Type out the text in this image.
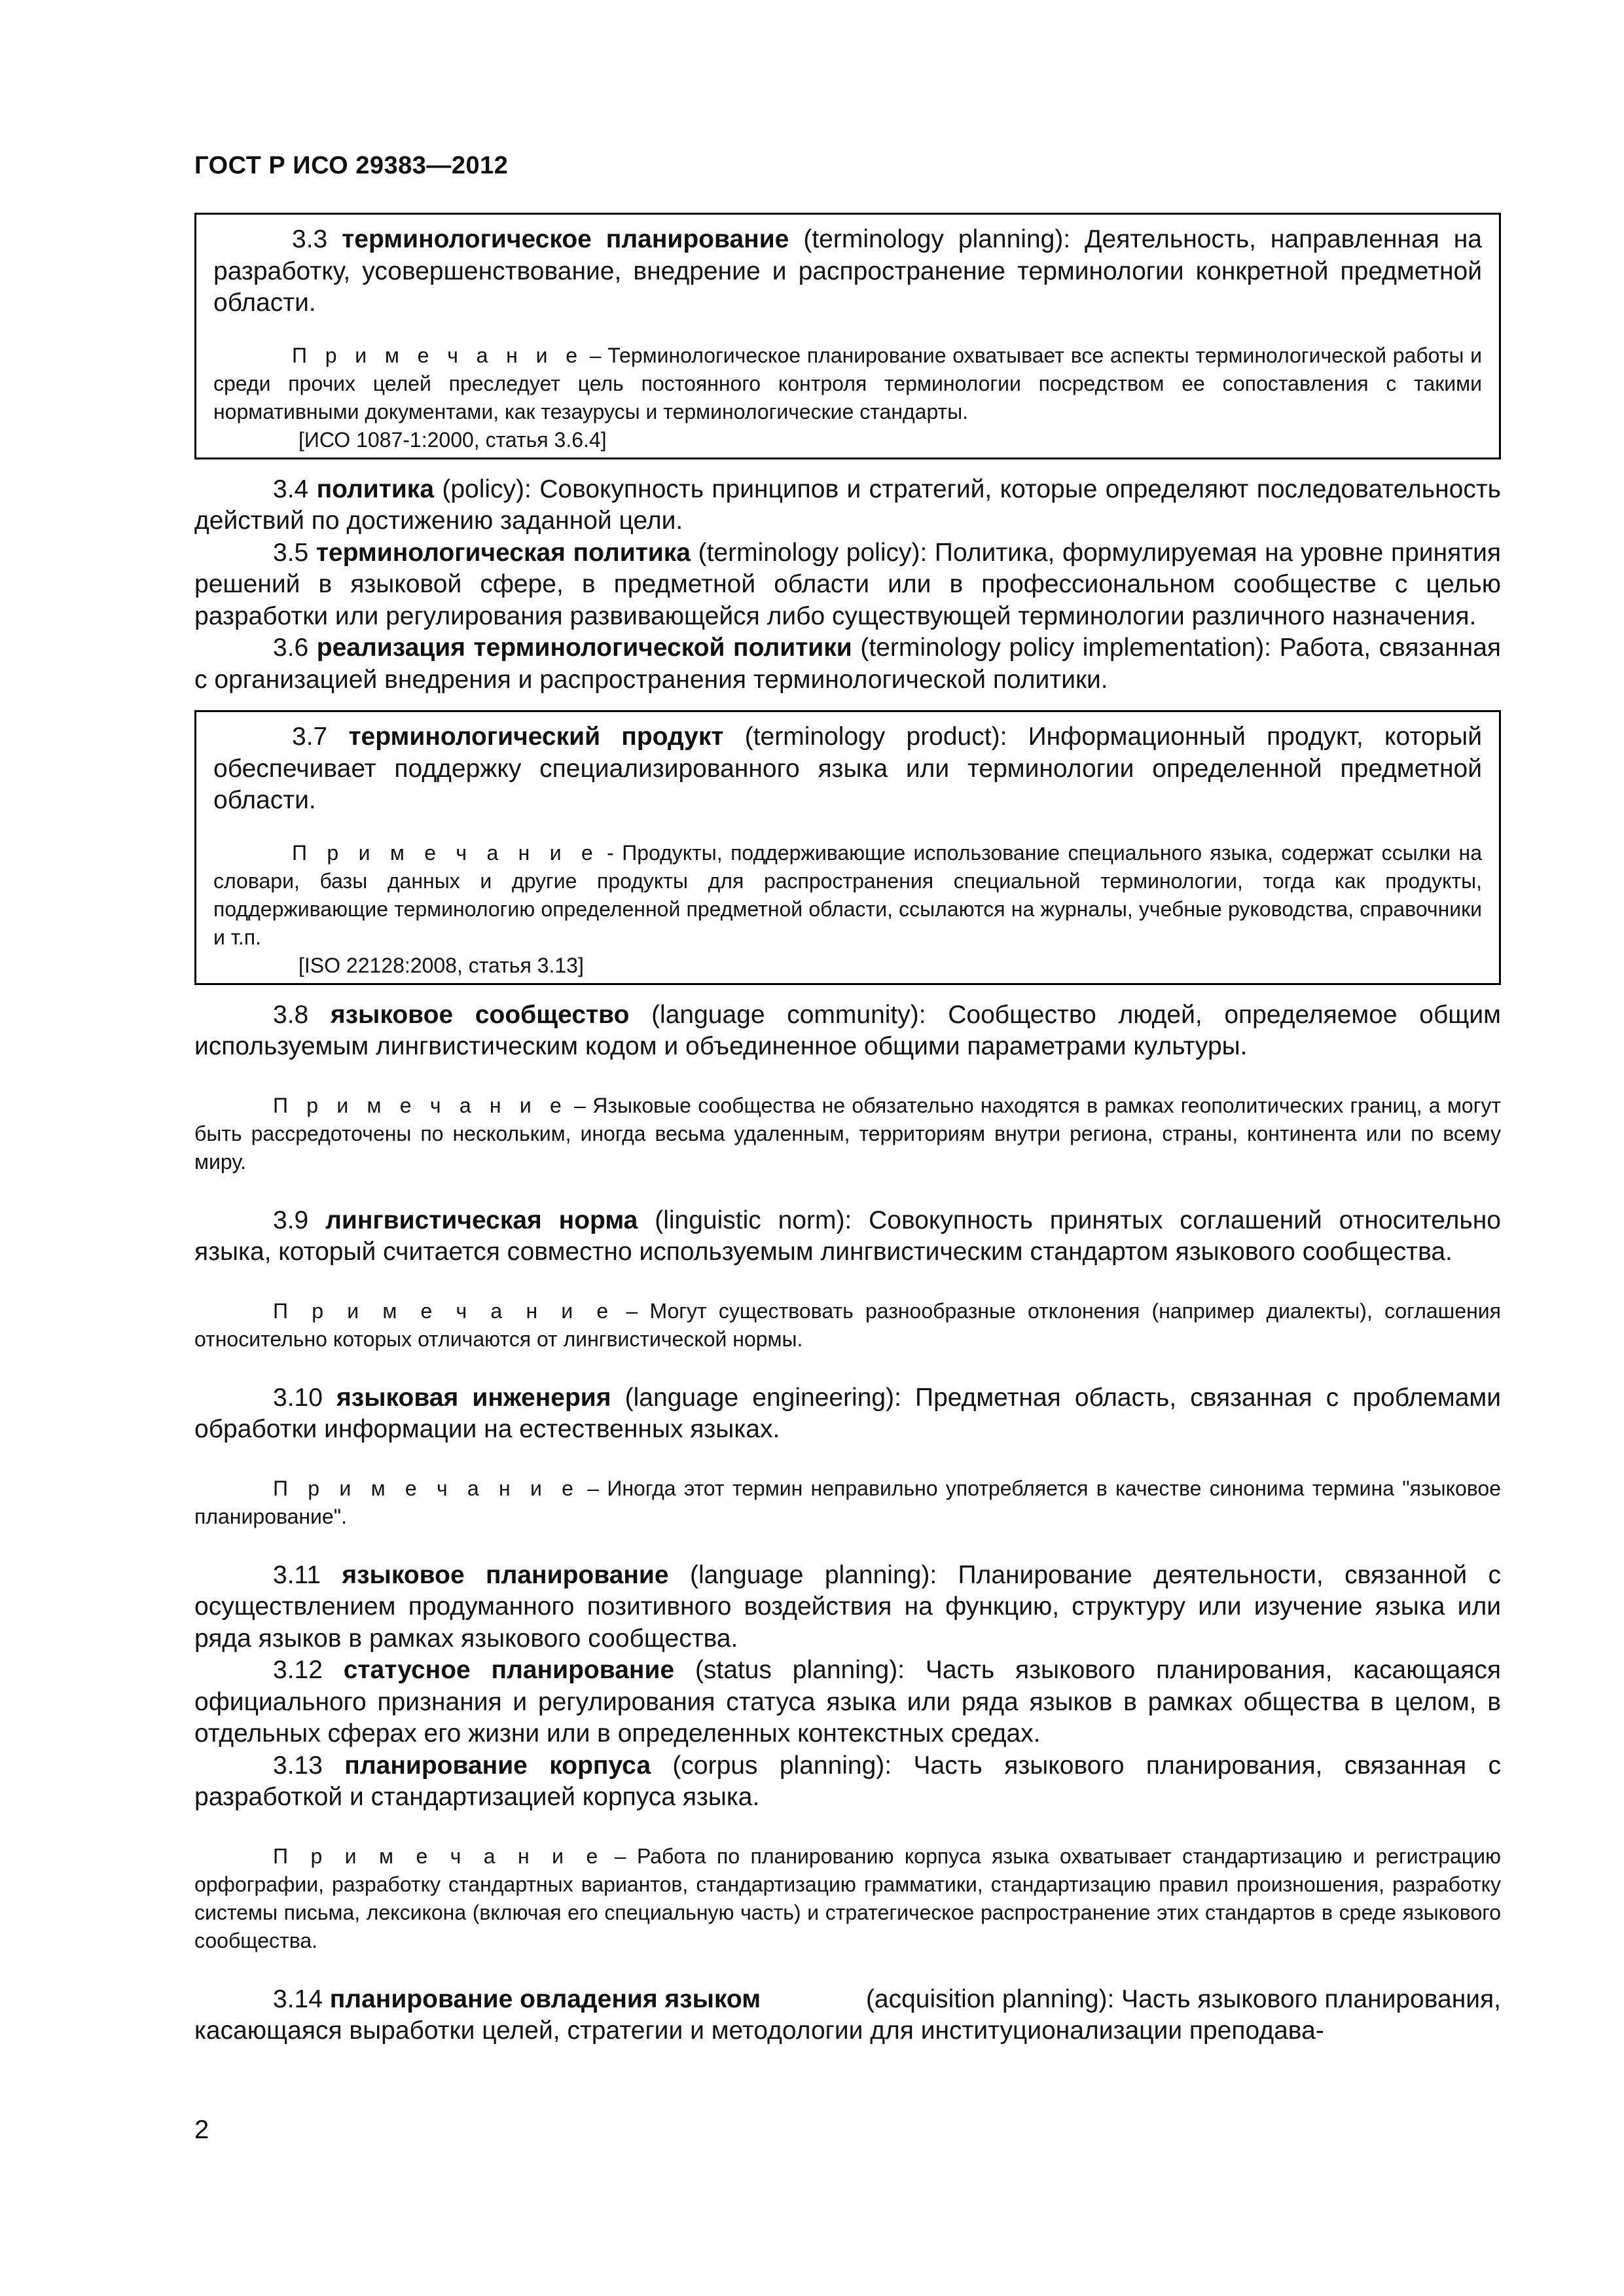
ГОСТ Р ИСО 29383—2012

3.3 терминологическое планирование (terminology planning): Деятельность, направленная на разработку, усовершенствование, внедрение и распространение терминологии конкретной предметной области.

П р и м е ч а н и е – Терминологическое планирование охватывает все аспекты терминологической работы и среди прочих целей преследует цель постоянного контроля терминологии посредством ее сопоставления с такими нормативными документами, как тезаурусы и терминологические стандарты.

[ИСО 1087-1:2000, статья 3.6.4]

3.4 политика (policy): Совокупность принципов и стратегий, которые определяют последовательность действий по достижению заданной цели.

3.5 терминологическая политика (terminology policy): Политика, формулируемая на уровне принятия решений в языковой сфере, в предметной области или в профессиональном сообществе с целью разработки или регулирования развивающейся либо существующей терминологии различного назначения.

3.6 реализация терминологической политики (terminology policy implementation): Работа, связанная с организацией внедрения и распространения терминологической политики.

3.7 терминологический продукт (terminology product): Информационный продукт, который обеспечивает поддержку специализированного языка или терминологии определенной предметной области.

П р и м е ч а н и е - Продукты, поддерживающие использование специального языка, содержат ссылки на словари, базы данных и другие продукты для распространения специальной терминологии, тогда как продукты, поддерживающие терминологию определенной предметной области, ссылаются на журналы, учебные руководства, справочники и т.п.

[ISO 22128:2008, статья 3.13]

3.8 языковое сообщество (language community): Сообщество людей, определяемое общим используемым лингвистическим кодом и объединенное общими параметрами культуры.

П р и м е ч а н и е – Языковые сообщества не обязательно находятся в рамках геополитических границ, а могут быть рассредоточены по нескольким, иногда весьма удаленным, территориям внутри региона, страны, континента или по всему миру.

3.9 лингвистическая норма (linguistic norm): Совокупность принятых соглашений относительно языка, который считается совместно используемым лингвистическим стандартом языкового сообщества.

П р и м е ч а н и е – Могут существовать разнообразные отклонения (например диалекты), соглашения относительно которых отличаются от лингвистической нормы.

3.10 языковая инженерия (language engineering): Предметная область, связанная с проблемами обработки информации на естественных языках.

П р и м е ч а н и е – Иногда этот термин неправильно употребляется в качестве синонима термина "языковое планирование".

3.11 языковое планирование (language planning): Планирование деятельности, связанной с осуществлением продуманного позитивного воздействия на функцию, структуру или изучение языка или ряда языков в рамках языкового сообщества.

3.12 статусное планирование (status planning): Часть языкового планирования, касающаяся официального признания и регулирования статуса языка или ряда языков в рамках общества в целом, в отдельных сферах его жизни или в определенных контекстных средах.

3.13 планирование корпуса (corpus planning): Часть языкового планирования, связанная с разработкой и стандартизацией корпуса языка.

П р и м е ч а н и е – Работа по планированию корпуса языка охватывает стандартизацию и регистрацию орфографии, разработку стандартных вариантов, стандартизацию грамматики, стандартизацию правил произношения, разработку системы письма, лексикона (включая его специальную часть) и стратегическое распространение этих стандартов в среде языкового сообщества.

3.14 планирование овладения языком	(acquisition planning): Часть языкового планирования, касающаяся выработки целей, стратегии и методологии для институционализации преподава-

2
